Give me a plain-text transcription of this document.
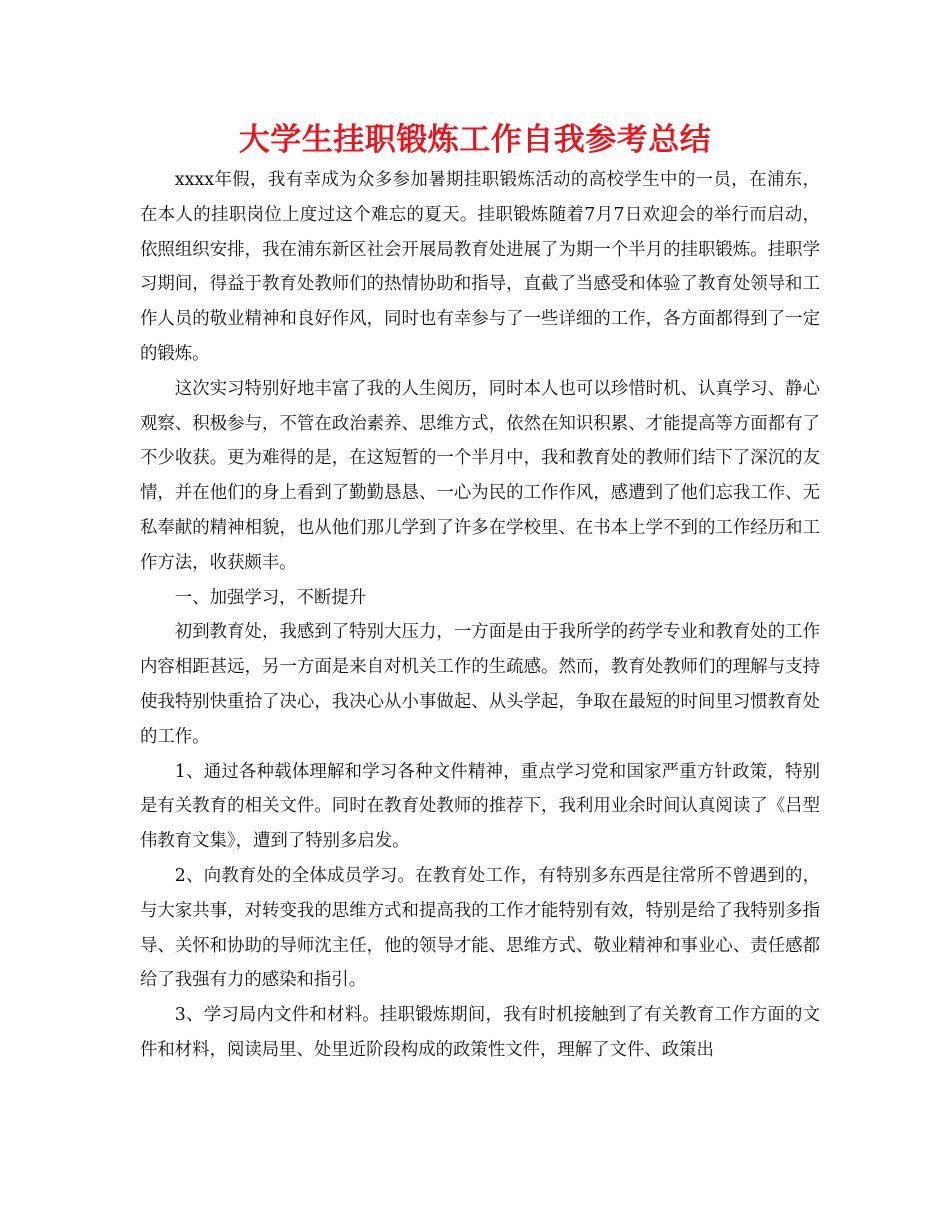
大学生挂职锻炼工作自我参考总结

xxxx年假，我有幸成为众多参加暑期挂职锻炼活动的高校学生中的一员，在浦东，在本人的挂职岗位上度过这个难忘的夏天。挂职锻炼随着7月7日欢迎会的举行而启动，依照组织安排，我在浦东新区社会开展局教育处进展了为期一个半月的挂职锻炼。挂职学习期间，得益于教育处教师们的热情协助和指导，直截了当感受和体验了教育处领导和工作人员的敬业精神和良好作风，同时也有幸参与了一些详细的工作，各方面都得到了一定的锻炼。

这次实习特别好地丰富了我的人生阅历，同时本人也可以珍惜时机、认真学习、静心观察、积极参与，不管在政治素养、思维方式，依然在知识积累、才能提高等方面都有了不少收获。更为难得的是，在这短暂的一个半月中，我和教育处的教师们结下了深沉的友情，并在他们的身上看到了勤勤恳恳、一心为民的工作作风，感遭到了他们忘我工作、无私奉献的精神相貌，也从他们那儿学到了许多在学校里、在书本上学不到的工作经历和工作方法，收获颇丰。

一、加强学习，不断提升

初到教育处，我感到了特别大压力，一方面是由于我所学的药学专业和教育处的工作内容相距甚远，另一方面是来自对机关工作的生疏感。然而，教育处教师们的理解与支持使我特别快重拾了决心，我决心从小事做起、从头学起，争取在最短的时间里习惯教育处的工作。

1、通过各种载体理解和学习各种文件精神，重点学习党和国家严重方针政策，特别是有关教育的相关文件。同时在教育处教师的推荐下，我利用业余时间认真阅读了《吕型伟教育文集》，遭到了特别多启发。

2、向教育处的全体成员学习。在教育处工作，有特别多东西是往常所不曾遇到的，与大家共事，对转变我的思维方式和提高我的工作才能特别有效，特别是给了我特别多指导、关怀和协助的导师沈主任，他的领导才能、思维方式、敬业精神和事业心、责任感都给了我强有力的感染和指引。

3、学习局内文件和材料。挂职锻炼期间，我有时机接触到了有关教育工作方面的文件和材料，阅读局里、处里近阶段构成的政策性文件，理解了文件、政策出
